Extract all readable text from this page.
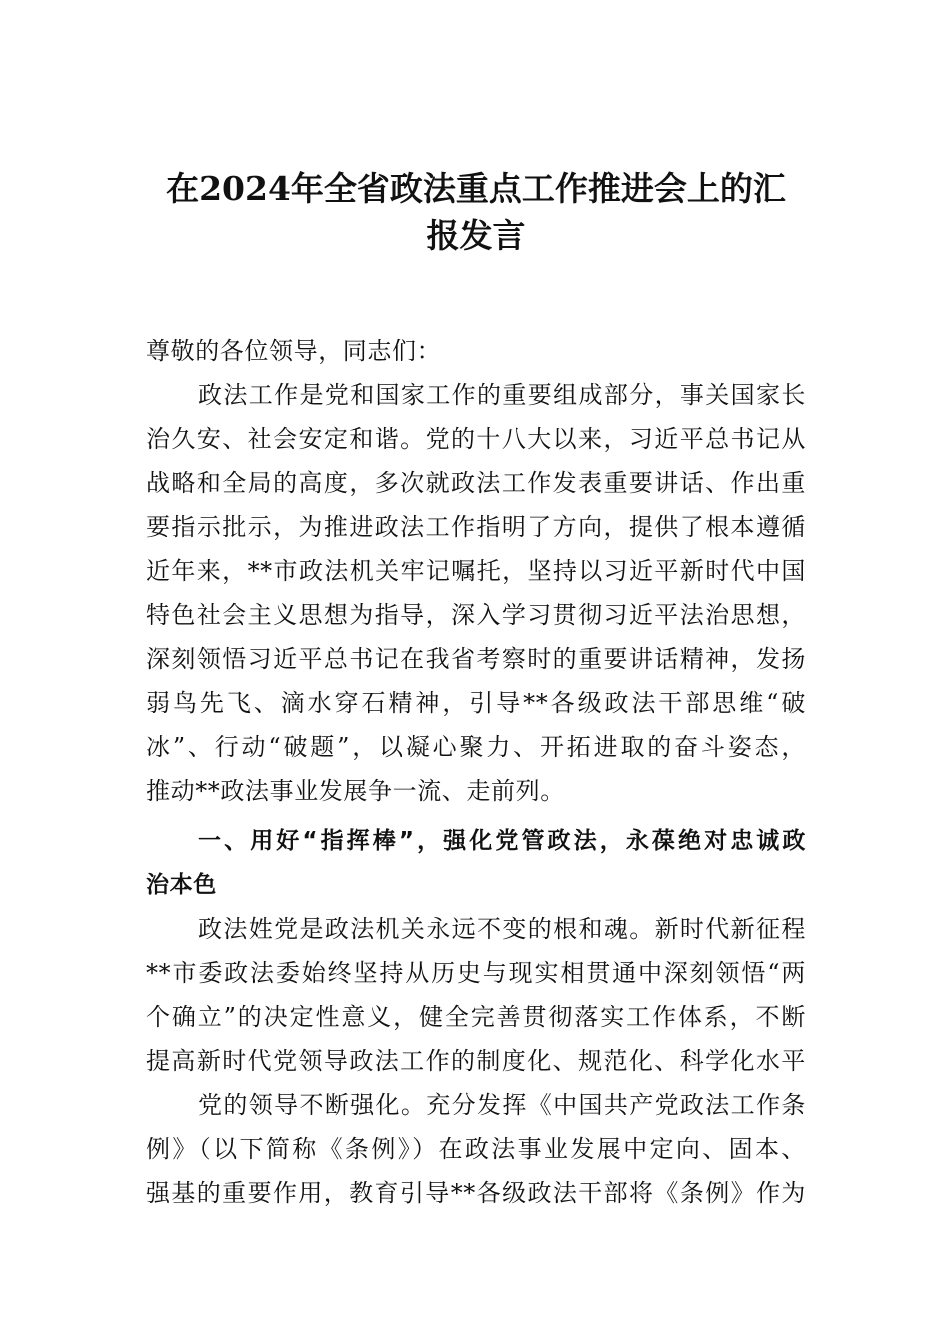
在2024年全省政法重点工作推进会上的汇
报发言
尊敬的各位领导，同志们：
政法工作是党和国家工作的重要组成部分，事关国家长
治久安、社会安定和谐。党的十八大以来，习近平总书记从
战略和全局的高度，多次就政法工作发表重要讲话、作出重
要指示批示，为推进政法工作指明了方向，提供了根本遵循
近年来，**市政法机关牢记嘱托，坚持以习近平新时代中国
特色社会主义思想为指导，深入学习贯彻习近平法治思想，
深刻领悟习近平总书记在我省考察时的重要讲话精神，发扬
弱鸟先飞、滴水穿石精神，引导**各级政法干部思维“破
冰”、行动“破题”，以凝心聚力、开拓进取的奋斗姿态，
推动**政法事业发展争一流、走前列。
一、用好“指挥棒”，强化党管政法，永葆绝对忠诚政
治本色
政法姓党是政法机关永远不变的根和魂。新时代新征程
**市委政法委始终坚持从历史与现实相贯通中深刻领悟“两
个确立”的决定性意义，健全完善贯彻落实工作体系，不断
提高新时代党领导政法工作的制度化、规范化、科学化水平
党的领导不断强化。充分发挥《中国共产党政法工作条
例》（以下简称《条例》）在政法事业发展中定向、固本、
强基的重要作用，教育引导**各级政法干部将《条例》作为
